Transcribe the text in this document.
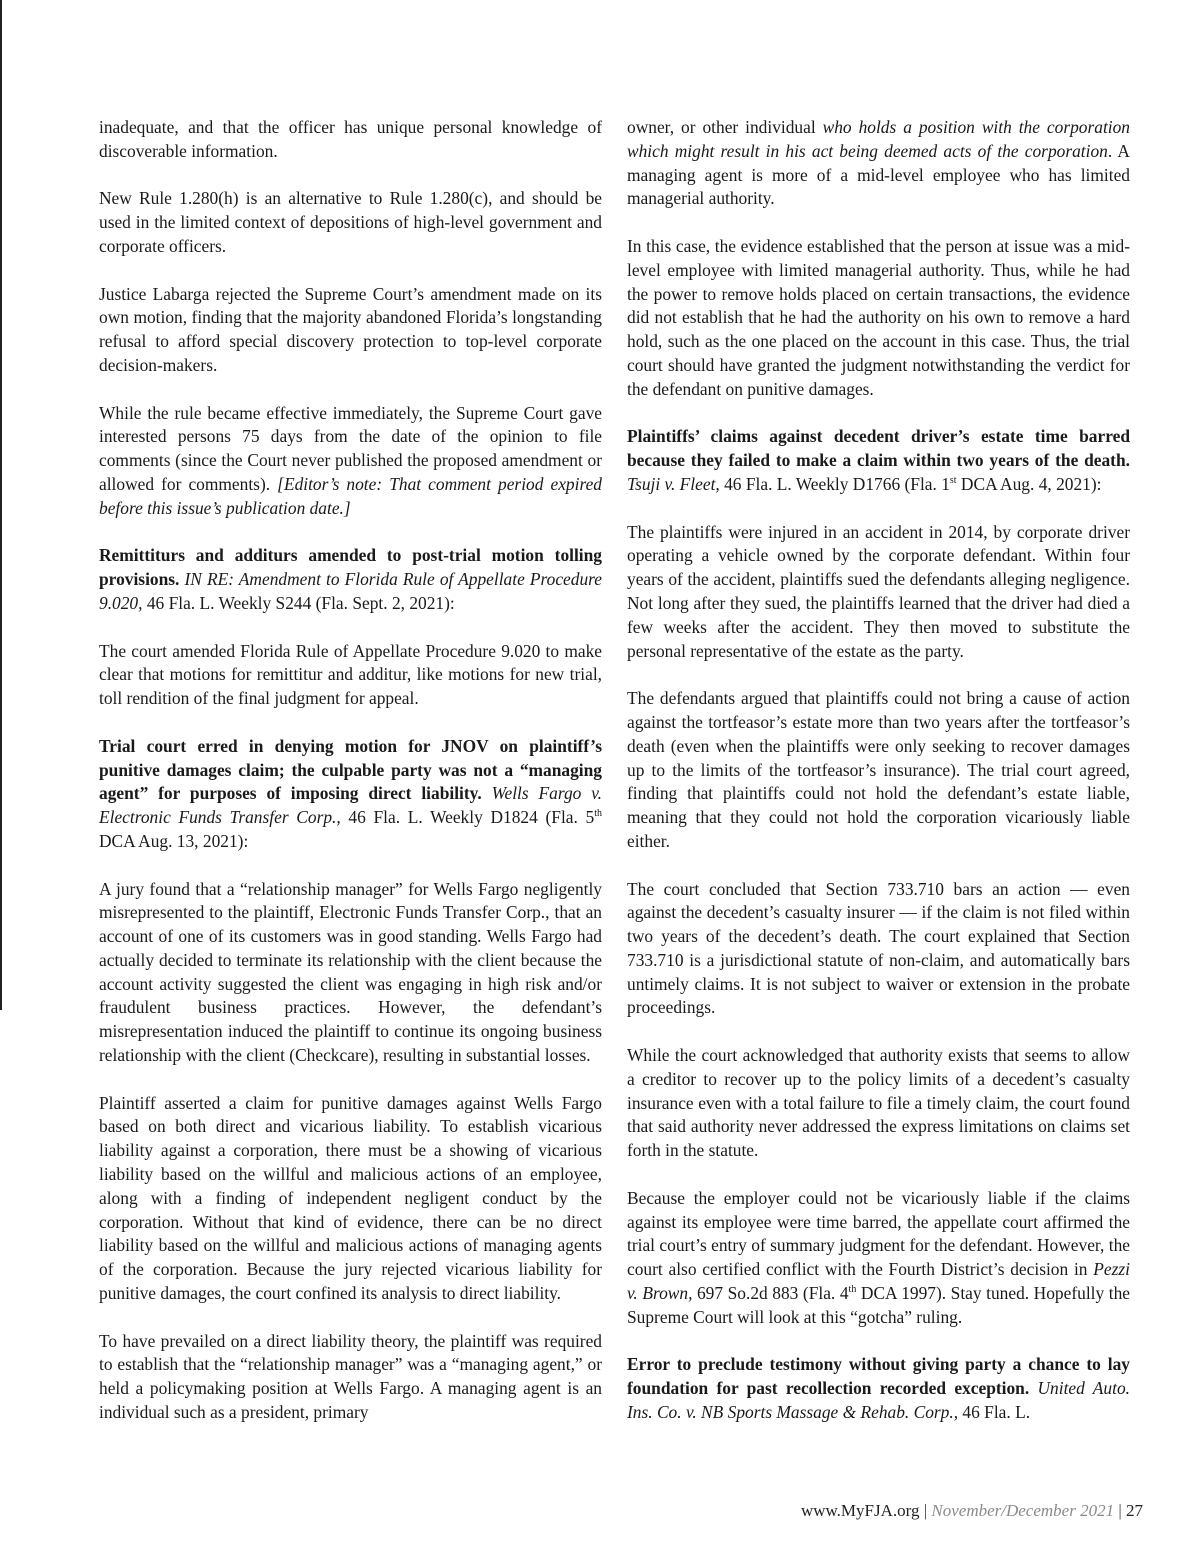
inadequate, and that the officer has unique personal knowledge of discoverable information.

New Rule 1.280(h) is an alternative to Rule 1.280(c), and should be used in the limited context of depositions of high-level government and corporate officers.

Justice Labarga rejected the Supreme Court’s amendment made on its own motion, finding that the majority abandoned Florida’s longstanding refusal to afford special discovery protection to top-level corporate decision-makers.

While the rule became effective immediately, the Supreme Court gave interested persons 75 days from the date of the opinion to file comments (since the Court never published the proposed amendment or allowed for comments). [Editor’s note: That comment period expired before this issue’s publication date.]

Remittiturs and additurs amended to post-trial motion tolling provisions. IN RE: Amendment to Florida Rule of Appellate Procedure 9.020, 46 Fla. L. Weekly S244 (Fla. Sept. 2, 2021):

The court amended Florida Rule of Appellate Procedure 9.020 to make clear that motions for remittitur and additur, like motions for new trial, toll rendition of the final judgment for appeal.

Trial court erred in denying motion for JNOV on plaintiff’s punitive damages claim; the culpable party was not a “managing agent” for purposes of imposing direct liability. Wells Fargo v. Electronic Funds Transfer Corp., 46 Fla. L. Weekly D1824 (Fla. 5th DCA Aug. 13, 2021):

A jury found that a “relationship manager” for Wells Fargo negligently misrepresented to the plaintiff, Electronic Funds Transfer Corp., that an account of one of its customers was in good standing. Wells Fargo had actually decided to terminate its relationship with the client because the account activity suggested the client was engaging in high risk and/or fraudulent business practices. However, the defendant’s misrepresentation induced the plaintiff to continue its ongoing business relationship with the client (Checkcare), resulting in substantial losses.

Plaintiff asserted a claim for punitive damages against Wells Fargo based on both direct and vicarious liability. To establish vicarious liability against a corporation, there must be a showing of vicarious liability based on the willful and malicious actions of an employee, along with a finding of independent negligent conduct by the corporation. Without that kind of evidence, there can be no direct liability based on the willful and malicious actions of managing agents of the corporation. Because the jury rejected vicarious liability for punitive damages, the court confined its analysis to direct liability.

To have prevailed on a direct liability theory, the plaintiff was required to establish that the “relationship manager” was a “managing agent,” or held a policymaking position at Wells Fargo. A managing agent is an individual such as a president, primary

owner, or other individual who holds a position with the corporation which might result in his act being deemed acts of the corporation. A managing agent is more of a mid-level employee who has limited managerial authority.

In this case, the evidence established that the person at issue was a mid-level employee with limited managerial authority. Thus, while he had the power to remove holds placed on certain transactions, the evidence did not establish that he had the authority on his own to remove a hard hold, such as the one placed on the account in this case. Thus, the trial court should have granted the judgment notwithstanding the verdict for the defendant on punitive damages.

Plaintiffs’ claims against decedent driver’s estate time barred because they failed to make a claim within two years of the death. Tsuji v. Fleet, 46 Fla. L. Weekly D1766 (Fla. 1st DCA Aug. 4, 2021):

The plaintiffs were injured in an accident in 2014, by corporate driver operating a vehicle owned by the corporate defendant. Within four years of the accident, plaintiffs sued the defendants alleging negligence. Not long after they sued, the plaintiffs learned that the driver had died a few weeks after the accident. They then moved to substitute the personal representative of the estate as the party.

The defendants argued that plaintiffs could not bring a cause of action against the tortfeasor’s estate more than two years after the tortfeasor’s death (even when the plaintiffs were only seeking to recover damages up to the limits of the tortfeasor’s insurance). The trial court agreed, finding that plaintiffs could not hold the defendant’s estate liable, meaning that they could not hold the corporation vicariously liable either.

The court concluded that Section 733.710 bars an action — even against the decedent’s casualty insurer — if the claim is not filed within two years of the decedent’s death. The court explained that Section 733.710 is a jurisdictional statute of non-claim, and automatically bars untimely claims. It is not subject to waiver or extension in the probate proceedings.

While the court acknowledged that authority exists that seems to allow a creditor to recover up to the policy limits of a decedent’s casualty insurance even with a total failure to file a timely claim, the court found that said authority never addressed the express limitations on claims set forth in the statute.

Because the employer could not be vicariously liable if the claims against its employee were time barred, the appellate court affirmed the trial court’s entry of summary judgment for the defendant. However, the court also certified conflict with the Fourth District’s decision in Pezzi v. Brown, 697 So.2d 883 (Fla. 4th DCA 1997). Stay tuned. Hopefully the Supreme Court will look at this “gotcha” ruling.

Error to preclude testimony without giving party a chance to lay foundation for past recollection recorded exception. United Auto. Ins. Co. v. NB Sports Massage & Rehab. Corp., 46 Fla. L.

www.MyFJA.org | November/December 2021 | 27
